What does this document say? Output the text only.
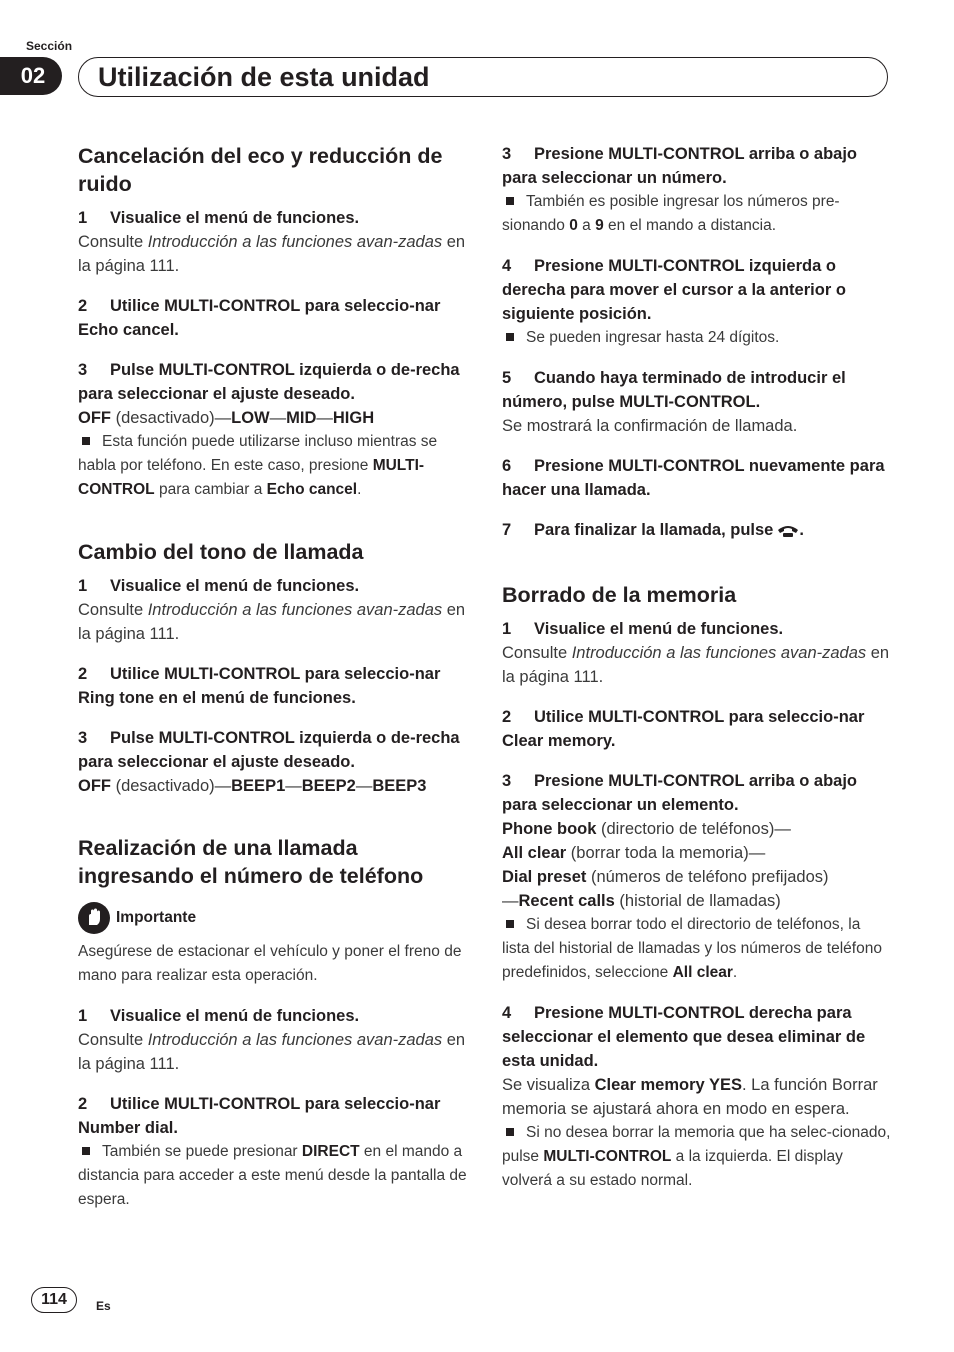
Sección
02	Utilización de esta unidad
Cancelación del eco y reducción de ruido

1 Visualice el menú de funciones.

Consulte Introducción a las funciones avan-zadas en la página 111.

2 Utilice MULTI-CONTROL para seleccio-nar Echo cancel.

3 Pulse MULTI-CONTROL izquierda o de-recha para seleccionar el ajuste deseado.

OFF (desactivado)—LOW—MID—HIGH

Esta función puede utilizarse incluso mientras se habla por teléfono. En este caso, presione MULTI-CONTROL para cambiar a Echo cancel.

Cambio del tono de llamada

1 Visualice el menú de funciones.

Consulte Introducción a las funciones avan-zadas en la página 111.

2 Utilice MULTI-CONTROL para seleccio-nar Ring tone en el menú de funciones.

3 Pulse MULTI-CONTROL izquierda o de-recha para seleccionar el ajuste deseado.

OFF (desactivado)—BEEP1—BEEP2—BEEP3

Realización de una llamada ingresando el número de teléfono
Importante

Asegúrese de estacionar el vehículo y poner el freno de mano para realizar esta operación.

1 Visualice el menú de funciones.

Consulte Introducción a las funciones avan-zadas en la página 111.

2 Utilice MULTI-CONTROL para seleccio-nar Number dial.

También se puede presionar DIRECT en el mando a distancia para acceder a este menú desde la pantalla de espera.

3 Presione MULTI-CONTROL arriba o abajo para seleccionar un número.

También es posible ingresar los números pre-sionando 0 a 9 en el mando a distancia.

4 Presione MULTI-CONTROL izquierda o derecha para mover el cursor a la anterior o siguiente posición.

Se pueden ingresar hasta 24 dígitos.

5 Cuando haya terminado de introducir el número, pulse MULTI-CONTROL.

Se mostrará la confirmación de llamada.

6 Presione MULTI-CONTROL nuevamente para hacer una llamada.

7 Para finalizar la llamada, pulse .

Borrado de la memoria

1 Visualice el menú de funciones.

Consulte Introducción a las funciones avan-zadas en la página 111.

2 Utilice MULTI-CONTROL para seleccio-nar Clear memory.

3 Presione MULTI-CONTROL arriba o abajo para seleccionar un elemento.

Phone book (directorio de teléfonos)—
All clear (borrar toda la memoria)—
Dial preset (números de teléfono prefijados)
—Recent calls (historial de llamadas)

Si desea borrar todo el directorio de teléfonos, la lista del historial de llamadas y los números de teléfono predefinidos, seleccione All clear.

4 Presione MULTI-CONTROL derecha para seleccionar el elemento que desea eliminar de esta unidad.

Se visualiza Clear memory YES. La función Borrar memoria se ajustará ahora en modo en espera.

Si no desea borrar la memoria que ha selec-cionado, pulse MULTI-CONTROL a la izquierda. El display volverá a su estado normal.

114	Es
